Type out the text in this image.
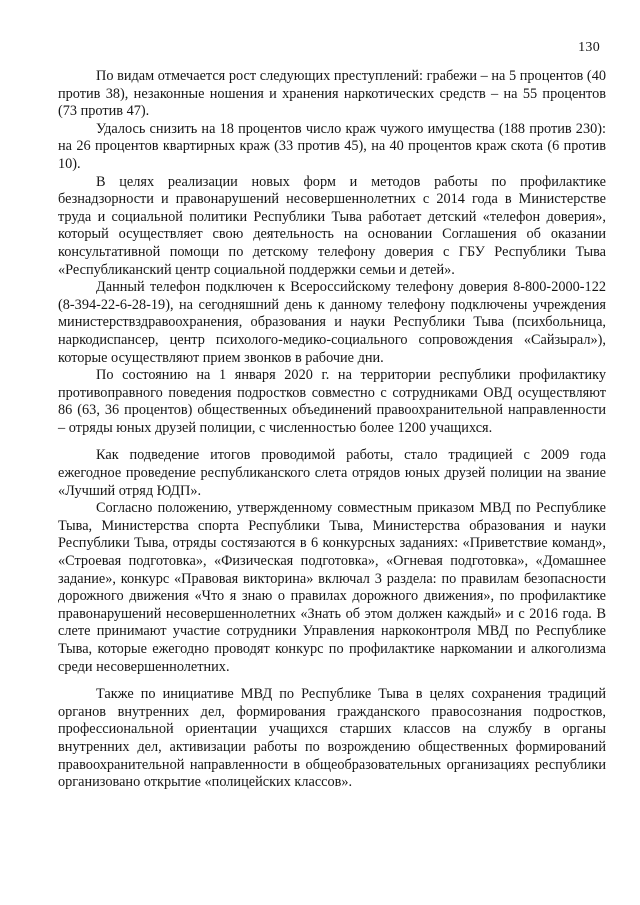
130

По видам отмечается рост следующих преступлений: грабежи – на 5 процентов (40 против 38), незаконные ношения и хранения наркотических средств – на 55 процентов (73 против 47).

Удалось снизить на 18 процентов число краж чужого имущества (188 против 230): на 26 процентов квартирных краж (33 против 45), на 40 процентов краж скота (6 против 10).

В целях реализации новых форм и методов работы по профилактике безнадзорности и правонарушений несовершеннолетних с 2014 года в Министерстве труда и социальной политики Республики Тыва работает детский «телефон доверия», который осуществляет свою деятельность на основании Соглашения об оказании консультативной помощи по детскому телефону доверия с ГБУ Республики Тыва «Республиканский центр социальной поддержки семьи и детей».

Данный телефон подключен к Всероссийскому телефону доверия 8-800-2000-122 (8-394-22-6-28-19), на сегодняшний день к данному телефону подключены учреждения министерствздравоохранения, образования и науки Республики Тыва (психбольница, наркодиспансер, центр психолого-медико-социального сопровождения «Сайзырал»), которые осуществляют прием звонков в рабочие дни.

По состоянию на 1 января 2020 г. на территории республики профилактику противоправного поведения подростков совместно с сотрудниками ОВД осуществляют 86 (63, 36 процентов) общественных объединений правоохранительной направленности – отряды юных друзей полиции, с численностью более 1200 учащихся.

Как подведение итогов проводимой работы, стало традицией с 2009 года ежегодное проведение республиканского слета отрядов юных друзей полиции на звание «Лучший отряд ЮДП».

Согласно положению, утвержденному совместным приказом МВД по Республике Тыва, Министерства спорта Республики Тыва, Министерства образования и науки Республики Тыва, отряды состязаются в 6 конкурсных заданиях: «Приветствие команд», «Строевая подготовка», «Физическая подготовка», «Огневая подготовка», «Домашнее задание», конкурс «Правовая викторина» включал 3 раздела: по правилам безопасности дорожного движения «Что я знаю о правилах дорожного движения», по профилактике правонарушений несовершеннолетних «Знать об этом должен каждый» и с 2016 года. В слете принимают участие сотрудники Управления наркоконтроля МВД по Республике Тыва, которые ежегодно проводят конкурс по профилактике наркомании и алкоголизма среди несовершеннолетних.

Также по инициативе МВД по Республике Тыва в целях сохранения традиций органов внутренних дел, формирования гражданского правосознания подростков, профессиональной ориентации учащихся старших классов на службу в органы внутренних дел, активизации работы по возрождению общественных формирований правоохранительной направленности в общеобразовательных организациях республики организовано открытие «полицейских классов».
